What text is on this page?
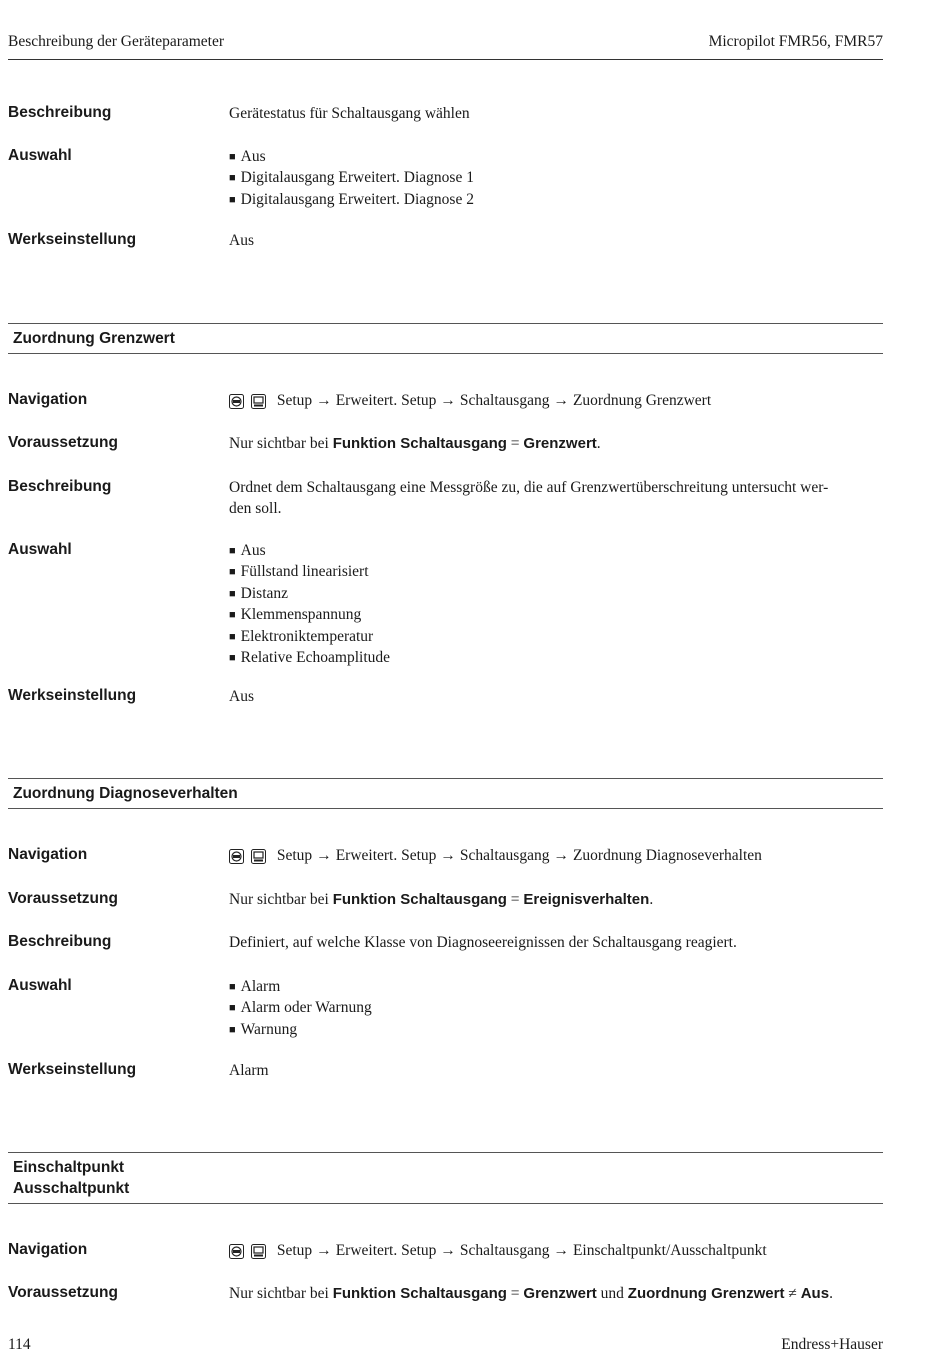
Beschreibung der Geräteparameter	Micropilot FMR56, FMR57
Beschreibung	Gerätestatus für Schaltausgang wählen
Auswahl	■ Aus
■ Digitalausgang Erweitert. Diagnose 1
■ Digitalausgang Erweitert. Diagnose 2
Werkseinstellung	Aus
Zuordnung Grenzwert
Navigation	Setup → Erweitert. Setup → Schaltausgang → Zuordnung Grenzwert
Voraussetzung	Nur sichtbar bei Funktion Schaltausgang = Grenzwert.
Beschreibung	Ordnet dem Schaltausgang eine Messgröße zu, die auf Grenzwertüberschreitung untersucht wer-
den soll.
Auswahl	■ Aus
■ Füllstand linearisiert
■ Distanz
■ Klemmenspannung
■ Elektroniktemperatur
■ Relative Echoamplitude
Werkseinstellung	Aus
Zuordnung Diagnoseverhalten
Navigation	Setup → Erweitert. Setup → Schaltausgang → Zuordnung Diagnoseverhalten
Voraussetzung	Nur sichtbar bei Funktion Schaltausgang = Ereignisverhalten.
Beschreibung	Definiert, auf welche Klasse von Diagnoseereignissen der Schaltausgang reagiert.
Auswahl	■ Alarm
■ Alarm oder Warnung
■ Warnung
Werkseinstellung	Alarm
Einschaltpunkt
Ausschaltpunkt
Navigation	Setup → Erweitert. Setup → Schaltausgang → Einschaltpunkt/Ausschaltpunkt
Voraussetzung	Nur sichtbar bei Funktion Schaltausgang = Grenzwert und Zuordnung Grenzwert ≠ Aus.
114	Endress+Hauser
